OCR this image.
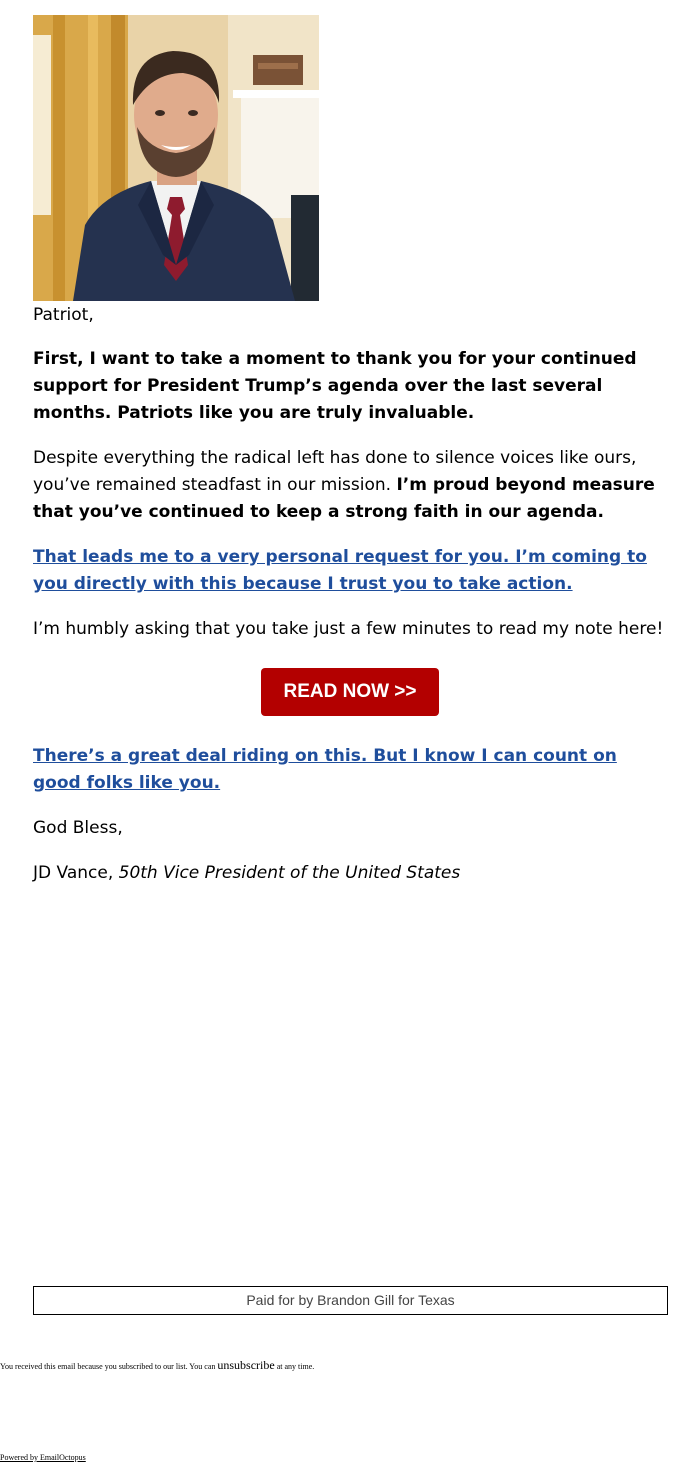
Patriot,

First, I want to take a moment to thank you for your continued support for President Trump’s agenda over the last several months. Patriots like you are truly invaluable.

Despite everything the radical left has done to silence voices like ours, you’ve remained steadfast in our mission. I’m proud beyond measure that you’ve continued to keep a strong faith in our agenda.

That leads me to a very personal request for you. I’m coming to you directly with this because I trust you to take action.

I’m humbly asking that you take just a few minutes to read my note here!

READ NOW >>

There’s a great deal riding on this. But I know I can count on good folks like you.

God Bless,

JD Vance, 50th Vice President of the United States

Paid for by Brandon Gill for Texas
You received this email because you subscribed to our list. You can unsubscribe at any time.
Powered by EmailOctopus
